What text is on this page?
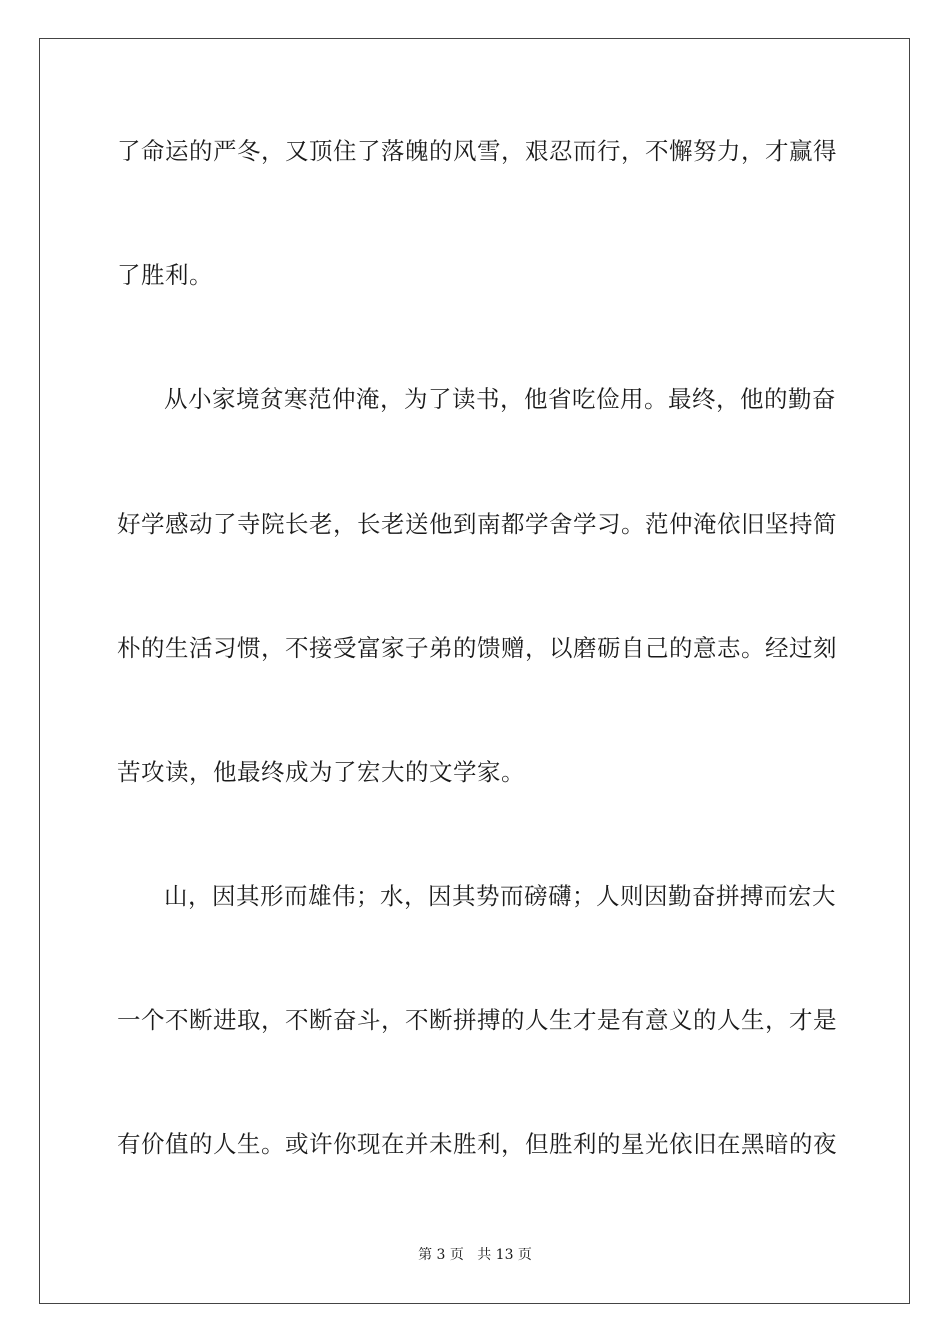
了命运的严冬，又顶住了落魄的风雪，艰忍而行，不懈努力，才赢得
了胜利。
从小家境贫寒范仲淹，为了读书，他省吃俭用。最终，他的勤奋
好学感动了寺院长老，长老送他到南都学舍学习。范仲淹依旧坚持简
朴的生活习惯，不接受富家子弟的馈赠，以磨砺自己的意志。经过刻
苦攻读，他最终成为了宏大的文学家。
山，因其形而雄伟；水，因其势而磅礴；人则因勤奋拼搏而宏大
一个不断进取，不断奋斗，不断拼搏的人生才是有意义的人生，才是
有价值的人生。或许你现在并未胜利，但胜利的星光依旧在黑暗的夜
第 3 页   共 13 页
